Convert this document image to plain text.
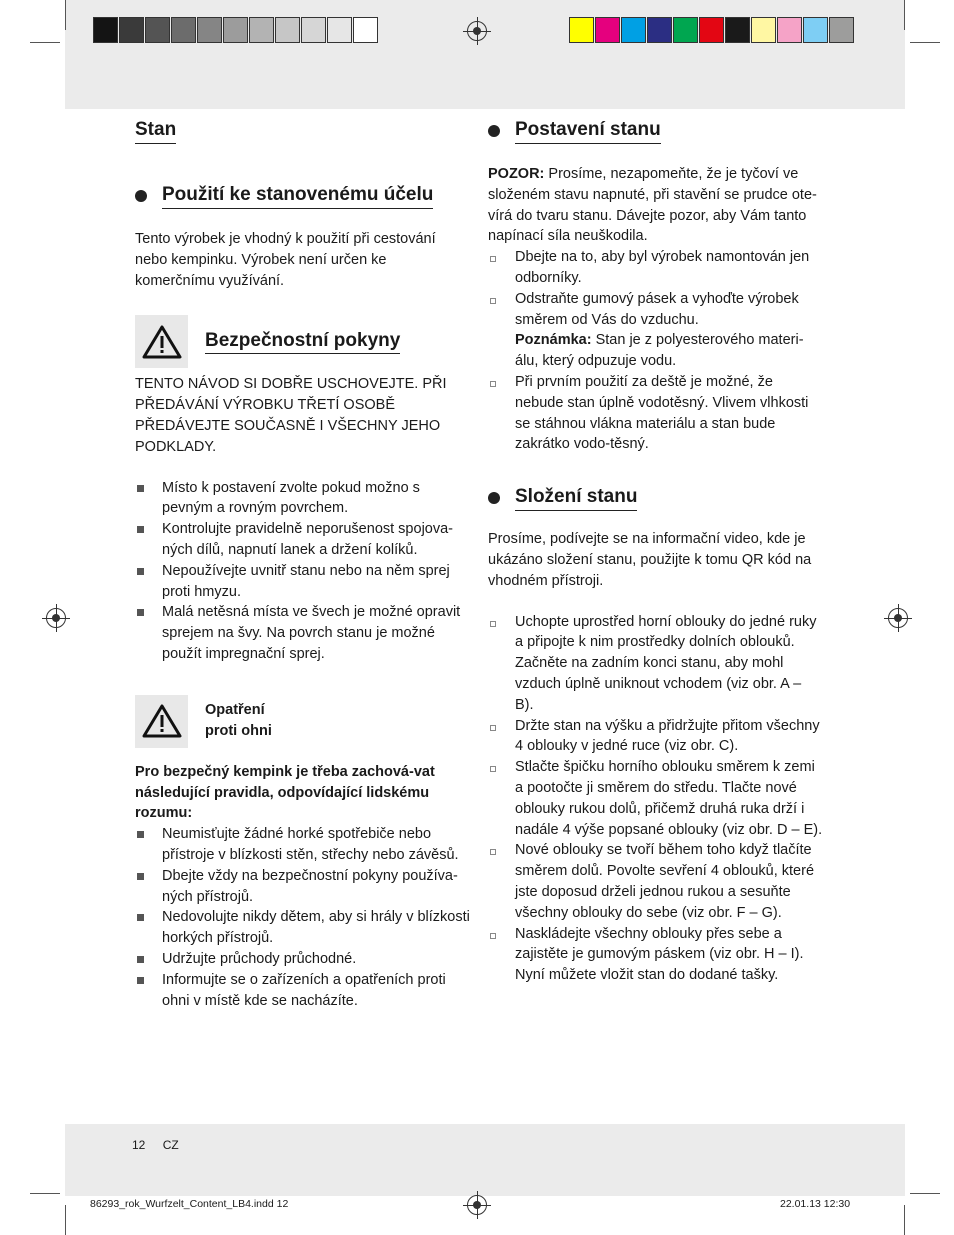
Stan
Použití ke stanovenému účelu

Tento výrobek je vhodný k použití při cestování nebo kempinku. Výrobek není určen ke komerčnímu využívání.

Bezpečnostní pokyny

TENTO NÁVOD SI DOBŘE USCHOVEJTE. PŘI PŘEDÁVÁNÍ VÝROBKU TŘETÍ OSOBĚ PŘEDÁVEJTE SOUČASNĚ I VŠECHNY JEHO PODKLADY.

Místo k postavení zvolte pokud možno s pevným a rovným povrchem.
Kontrolujte pravidelně neporušenost spojova-ných dílů, napnutí lanek a držení kolíků.
Nepoužívejte uvnitř stanu nebo na něm sprej proti hmyzu.
Malá netěsná místa ve švech je možné opravit sprejem na švy. Na povrch stanu je možné použít impregnační sprej.
Opatření
proti ohni

Pro bezpečný kempink je třeba zachová-vat následující pravidla, odpovídající lidskému rozumu:

Neumisťujte žádné horké spotřebiče nebo přístroje v blízkosti stěn, střechy nebo závěsů.
Dbejte vždy na bezpečnostní pokyny používa-ných přístrojů.
Nedovolujte nikdy dětem, aby si hrály v blízkosti horkých přístrojů.
Udržujte průchody průchodné.
Informujte se o zařízeních a opatřeních proti ohni v místě kde se nacházíte.
Postavení stanu

POZOR: Prosíme, nezapomeňte, že je tyčoví ve složeném stavu napnuté, při stavění se prudce ote-vírá do tvaru stanu. Dávejte pozor, aby Vám tanto napínací síla neuškodila.

Dbejte na to, aby byl výrobek namontován jen odborníky.
Odstraňte gumový pásek a vyhoďte výrobek směrem od Vás do vzduchu.

Poznámka: Stan je z polyesterového materi-álu, který odpuzuje vodu.

Při prvním použití za deště je možné, že nebude stan úplně vodotěsný. Vlivem vlhkosti se stáhnou vlákna materiálu a stan bude zakrátko vodo-těsný.
Složení stanu

Prosíme, podívejte se na informační video, kde je ukázáno složení stanu, použijte k tomu QR kód na vhodném přístroji.

Uchopte uprostřed horní oblouky do jedné ruky a připojte k nim prostředky dolních oblouků. Začněte na zadním konci stanu, aby mohl vzduch úplně uniknout vchodem (viz obr. A – B).
Držte stan na výšku a přidržujte přitom všechny 4 oblouky v jedné ruce (viz obr. C).
Stlačte špičku horního oblouku směrem k zemi a pootočte ji směrem do středu. Tlačte nové oblouky rukou dolů, přičemž druhá ruka drží i nadále 4 výše popsané oblouky (viz obr. D – E).
Nové oblouky se tvoří během toho když tlačíte směrem dolů. Povolte sevření 4 oblouků, které jste doposud drželi jednou rukou a sesuňte všechny oblouky do sebe (viz obr. F – G).
Naskládejte všechny oblouky přes sebe a zajistěte je gumovým páskem (viz obr. H – I). Nyní můžete vložit stan do dodané tašky.
12 CZ
86293_rok_Wurfzelt_Content_LB4.indd 12	22.01.13 12:30
